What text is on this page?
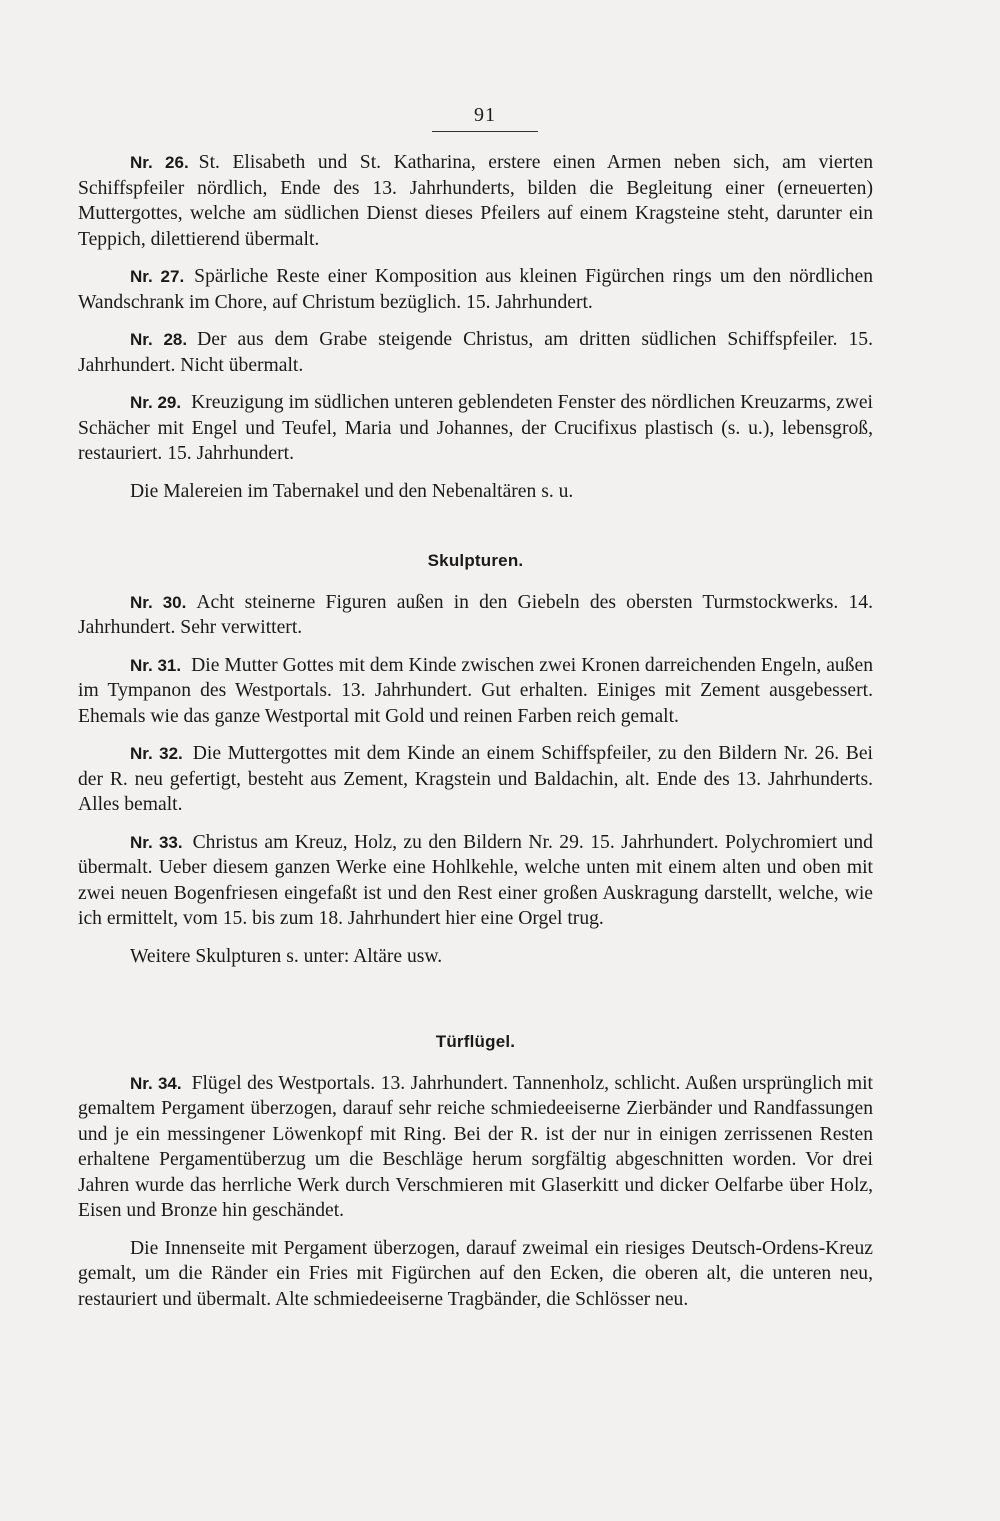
91

Nr. 26. St. Elisabeth und St. Katharina, erstere einen Armen neben sich, am vierten Schiffspfeiler nördlich, Ende des 13. Jahrhunderts, bilden die Begleitung einer (erneuerten) Muttergottes, welche am südlichen Dienst dieses Pfeilers auf einem Kragsteine steht, darunter ein Teppich, dilettierend übermalt.

Nr. 27. Spärliche Reste einer Komposition aus kleinen Figürchen rings um den nördlichen Wandschrank im Chore, auf Christum bezüglich. 15. Jahrhundert.

Nr. 28. Der aus dem Grabe steigende Christus, am dritten südlichen Schiffspfeiler. 15. Jahrhundert. Nicht übermalt.

Nr. 29. Kreuzigung im südlichen unteren geblendeten Fenster des nördlichen Kreuzarms, zwei Schächer mit Engel und Teufel, Maria und Johannes, der Crucifixus plastisch (s. u.), lebensgroß, restauriert. 15. Jahrhundert.

Die Malereien im Tabernakel und den Nebenaltären s. u.

Skulpturen.

Nr. 30. Acht steinerne Figuren außen in den Giebeln des obersten Turmstockwerks. 14. Jahrhundert. Sehr verwittert.

Nr. 31. Die Mutter Gottes mit dem Kinde zwischen zwei Kronen darreichenden Engeln, außen im Tympanon des Westportals. 13. Jahrhundert. Gut erhalten. Einiges mit Zement ausgebessert. Ehemals wie das ganze Westportal mit Gold und reinen Farben reich gemalt.

Nr. 32. Die Muttergottes mit dem Kinde an einem Schiffspfeiler, zu den Bildern Nr. 26. Bei der R. neu gefertigt, besteht aus Zement, Kragstein und Baldachin, alt. Ende des 13. Jahrhunderts. Alles bemalt.

Nr. 33. Christus am Kreuz, Holz, zu den Bildern Nr. 29. 15. Jahrhundert. Polychromiert und übermalt. Ueber diesem ganzen Werke eine Hohlkehle, welche unten mit einem alten und oben mit zwei neuen Bogenfriesen eingefaßt ist und den Rest einer großen Auskragung darstellt, welche, wie ich ermittelt, vom 15. bis zum 18. Jahrhundert hier eine Orgel trug.

Weitere Skulpturen s. unter: Altäre usw.

Türflügel.

Nr. 34. Flügel des Westportals. 13. Jahrhundert. Tannenholz, schlicht. Außen ursprünglich mit gemaltem Pergament überzogen, darauf sehr reiche schmiedeeiserne Zierbänder und Randfassungen und je ein messingener Löwenkopf mit Ring. Bei der R. ist der nur in einigen zerrissenen Resten erhaltene Pergamentüberzug um die Beschläge herum sorgfältig abgeschnitten worden. Vor drei Jahren wurde das herrliche Werk durch Verschmieren mit Glaserkitt und dicker Oelfarbe über Holz, Eisen und Bronze hin geschändet.

Die Innenseite mit Pergament überzogen, darauf zweimal ein riesiges Deutsch-Ordens-Kreuz gemalt, um die Ränder ein Fries mit Figürchen auf den Ecken, die oberen alt, die unteren neu, restauriert und übermalt. Alte schmiedeeiserne Tragbänder, die Schlösser neu.
